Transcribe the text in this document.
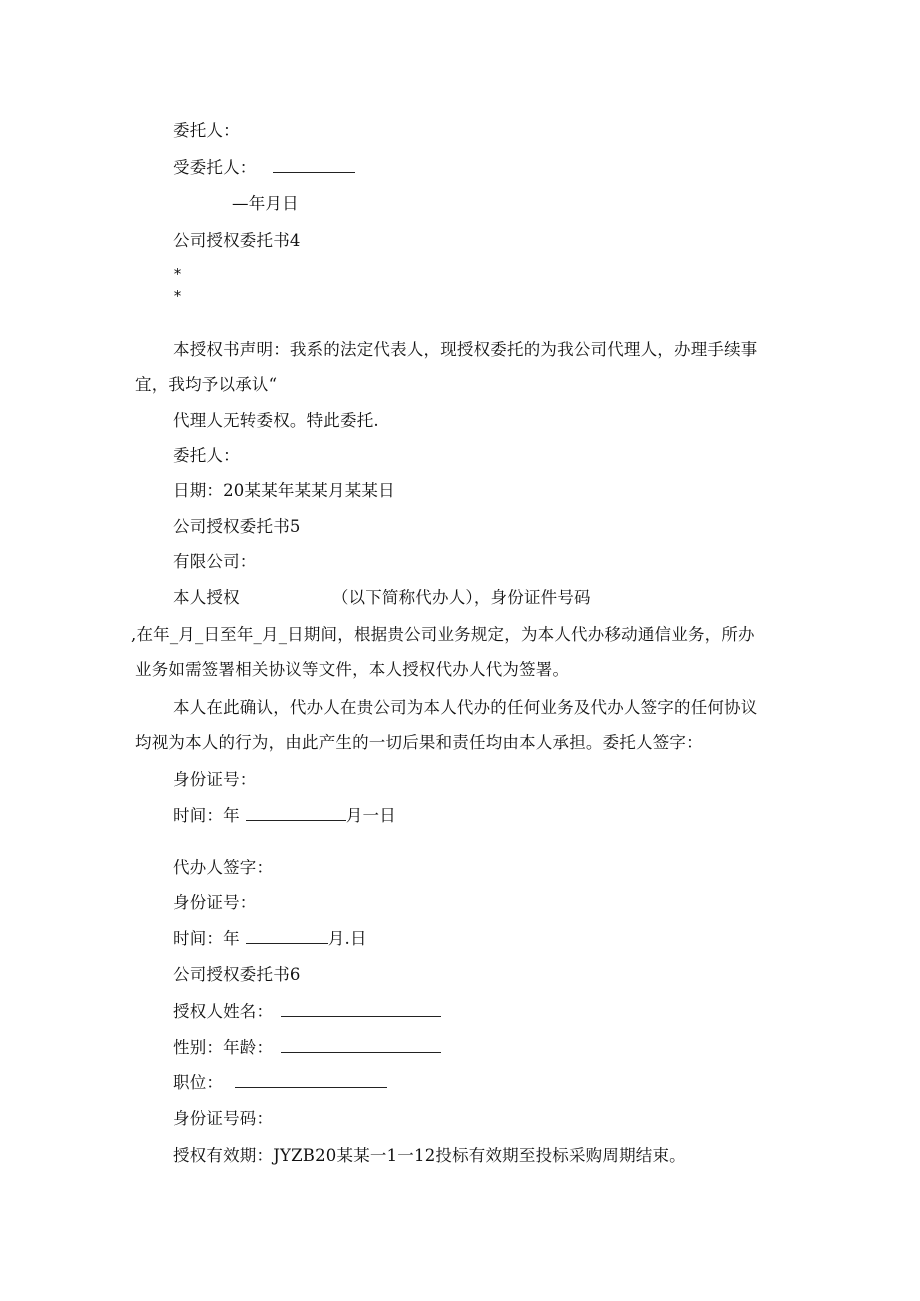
委托人：
受委托人：
—年月日
公司授权委托书4
*
*
本授权书声明：我系的法定代表人，现授权委托的为我公司代理人，办理手续事
宜，我均予以承认“
代理人无转委权。特此委托.
委托人：
日期：20某某年某某月某某日
公司授权委托书5
有限公司：
本人授权	（以下简称代办人），身份证件号码
,在年_月_日至年_月_日期间，根据贵公司业务规定，为本人代办移动通信业务，所办
业务如需签署相关协议等文件，本人授权代办人代为签署。
本人在此确认，代办人在贵公司为本人代办的任何业务及代办人签字的任何协议
均视为本人的行为，由此产生的一切后果和责任均由本人承担。委托人签字：
身份证号：
时间：年	月一日
代办人签字：
身份证号：
时间：年	月.日
公司授权委托书6
授权人姓名：
性别：年龄：
职位：
身份证号码：
授权有效期：JYZB20某某一1一12投标有效期至投标采购周期结束。
